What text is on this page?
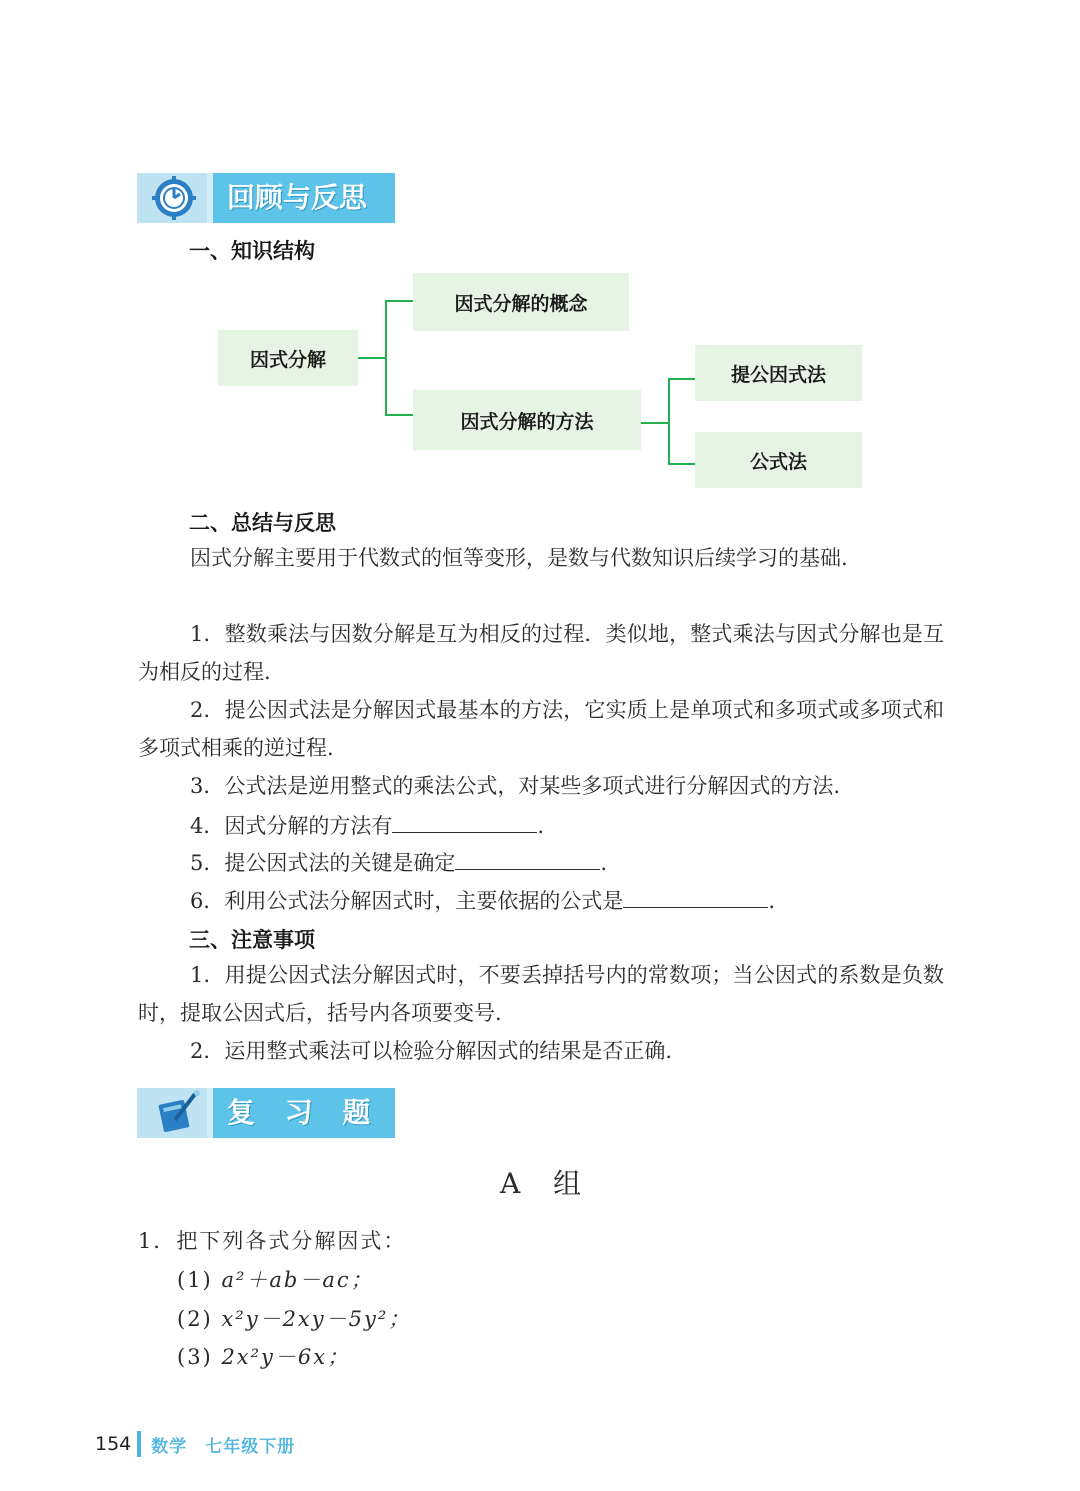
回顾与反思
一、知识结构
因式分解
因式分解的概念
因式分解的方法
提公因式法
公式法
二、总结与反思
因式分解主要用于代数式的恒等变形，是数与代数知识后续学习的基础.
1．整数乘法与因数分解是互为相反的过程．类似地，整式乘法与因式分解也是互为相反的过程.
2．提公因式法是分解因式最基本的方法，它实质上是单项式和多项式或多项式和多项式相乘的逆过程.
3．公式法是逆用整式的乘法公式，对某些多项式进行分解因式的方法.
4．因式分解的方法有	.
5．提公因式法的关键是确定	.
6．利用公式法分解因式时，主要依据的公式是	.
三、注意事项
1．用提公因式法分解因式时，不要丢掉括号内的常数项；当公因式的系数是负数时，提取公因式后，括号内各项要变号.
2．运用整式乘法可以检验分解因式的结果是否正确.
复 习 题
A 组
1．把下列各式分解因式：
(1) a²＋ab－ac；
(2) x²y－2xy－5y²；
(3) 2x²y－6x；
154 数学　七年级下册
